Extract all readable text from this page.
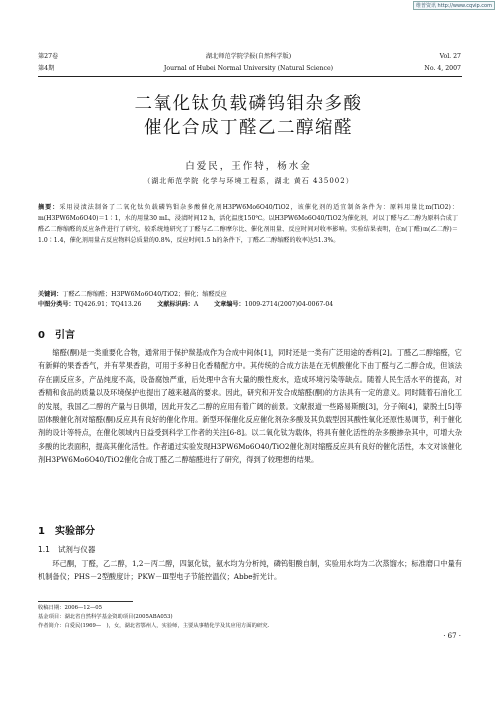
维普资讯 http://www.cqvip.com
第27卷
第4期
湖北师范学院学报(自然科学版)
Journal of Hubei Normal University (Natural Science)
Vol. 27
No. 4, 2007
二氧化钛负载磷钨钼杂多酸
催化合成丁醛乙二醇缩醛
白爱民，王作特，杨水金
（湖北师范学院 化学与环境工程系，湖北 黄石 435002）
摘要：采用浸渍法制备了二氧化钛负载磷钨钼杂多酸催化剂H3PW6Mo6O40/TiO2，该催化剂的适宜制备条件为：原料用量比m(TiO2)：m(H3PW6Mo6O40)＝1∶1，水的用量30 mL，浸渍时间12 h，活化温度150℃。以H3PW6Mo6O40/TiO2为催化剂，对以丁醛与乙二醇为原料合成丁醛乙二醇缩醛的反应条件进行了研究，较系统地研究了丁醛与乙二醇摩尔比、催化剂用量、反应时间对收率影响。实验结果表明，在n(丁醛)∶n(乙二醇)＝1.0∶1.4，催化剂用量占反应物料总质量的0.8%，反应时间1.5 h的条件下，丁醛乙二醇缩醛的收率达51.3%。
关键词：丁醛乙二醇缩醛；H3PW6Mo6O40/TiO2；催化；缩醛反应
中图分类号：TQ426.91；TQ413.26	文献标识码：A	文章编号：1009-2714(2007)04-0067-04
0 引言

缩醛(酮)是一类重要化合物，通常用于保护羰基成作为合成中间体[1]，同时还是一类有广泛用途的香料[2]。丁醛乙二醇缩醛，它有新鲜的果香香气，并有苹果香韵，可用于多种日化香精配方中。其传统的合成方法是在无机酸催化下由丁醛与乙二醇合成，但该法存在副反应多，产品纯度不高，设备腐蚀严重，后处理中含有大量的酸性废水，造成环境污染等缺点。随着人民生活水平的提高，对香精和食品的质量以及环境保护也提出了越来越高的要求。因此，研究和开发合成缩醛(酮)的方法具有一定的意义。同时随着石油化工的发展，我国乙二醇的产量与日俱增，因此开发乙二醇的应用有着广阔的前景。文献报道一些路易斯酸[3]，分子筛[4]，蒙脱土[5]等固体酸催化剂对缩醛(酮)反应具有良好的催化作用。新型环保催化反应催化剂杂多酸及其负载型因其酸性氧化还原性易调节，利于催化剂的设计等特点，在催化领域内日益受到科学工作者的关注[6-8]。以二氧化钛为载体，将具有催化活性的杂多酸掺杂其中，可增大杂多酸的比表面积，提高其催化活性。作者通过实验发现H3PW6Mo6O40/TiO2催化剂对缩醛反应具有良好的催化活性，本文对该催化剂H3PW6Mo6O40/TiO2催化合成丁醛乙二醇缩醛进行了研究，得到了较理想的结果。

1 实验部分
1.1 试剂与仪器

环己酮，丁醛，乙二醇，1,2－丙二醇，四氯化钛，氨水均为分析纯，磷钨钼酸自制，实验用水均为二次蒸馏水；标准磨口中量有机制备仪；PHS－2型酸度计；PKW－Ⅲ型电子节能控温仪；Abbe折光计。

收稿日期：2006—12—05
基金项目：湖北省自然科学基金资助项目(2005ABA053)
作者简介：白爱民(1969—　)，女，湖北省鄂州人，实验师，主要从事精化学及其应用方面的研究.
· 67 ·
